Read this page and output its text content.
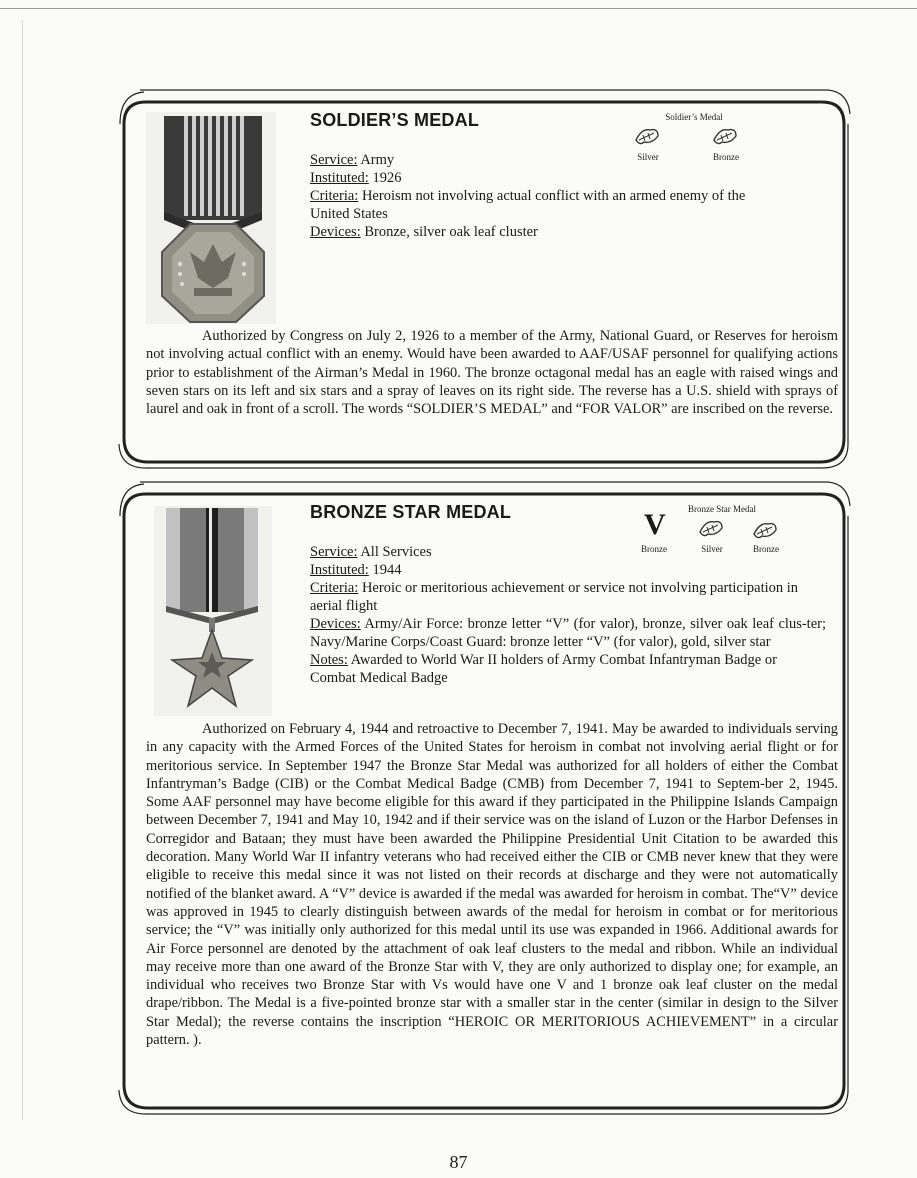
SOLDIER’S MEDAL	Soldier’s Medal
Silver	Bronze
Service: Army
Instituted: 1926
Criteria: Heroism not involving actual conflict with an armed enemy of the United States
Devices: Bronze, silver oak leaf cluster
Authorized by Congress on July 2, 1926 to a member of the Army, National Guard, or Reserves for heroism not involving actual conflict with an enemy. Would have been awarded to AAF/USAF personnel for qualifying actions prior to establishment of the Airman’s Medal in 1960. The bronze octagonal medal has an eagle with raised wings and seven stars on its left and six stars and a spray of leaves on its right side. The reverse has a U.S. shield with sprays of laurel and oak in front of a scroll. The words “SOLDIER’S MEDAL” and “FOR VALOR” are inscribed on the reverse.
BRONZE STAR MEDAL	Bronze Star Medal
V
Bronze	Silver	Bronze
Service: All Services
Instituted: 1944
Criteria: Heroic or meritorious achievement or service not involving participation in aerial flight
Devices: Army/Air Force: bronze letter “V” (for valor), bronze, silver oak leaf clus-ter; Navy/Marine Corps/Coast Guard: bronze letter “V” (for valor), gold, silver star
Notes: Awarded to World War II holders of Army Combat Infantryman Badge or Combat Medical Badge
Authorized on February 4, 1944 and retroactive to December 7, 1941. May be awarded to individuals serving in any capacity with the Armed Forces of the United States for heroism in combat not involving aerial flight or for meritorious service. In September 1947 the Bronze Star Medal was authorized for all holders of either the Combat Infantryman’s Badge (CIB) or the Combat Medical Badge (CMB) from December 7, 1941 to Septem-ber 2, 1945. Some AAF personnel may have become eligible for this award if they participated in the Philippine Islands Campaign between December 7, 1941 and May 10, 1942 and if their service was on the island of Luzon or the Harbor Defenses in Corregidor and Bataan; they must have been awarded the Philippine Presidential Unit Citation to be awarded this decoration. Many World War II infantry veterans who had received either the CIB or CMB never knew that they were eligible to receive this medal since it was not listed on their records at discharge and they were not automatically notified of the blanket award. A “V” device is awarded if the medal was awarded for heroism in combat. The“V” device was approved in 1945 to clearly distinguish between awards of the medal for heroism in combat or for meritorious service; the “V” was initially only authorized for this medal until its use was expanded in 1966. Additional awards for Air Force personnel are denoted by the attachment of oak leaf clusters to the medal and ribbon. While an individual may receive more than one award of the Bronze Star with V, they are only authorized to display one; for example, an individual who receives two Bronze Star with Vs would have one V and 1 bronze oak leaf cluster on the medal drape/ribbon. The Medal is a five-pointed bronze star with a smaller star in the center (similar in design to the Silver Star Medal); the reverse contains the inscription “HEROIC OR MERITORIOUS ACHIEVEMENT” in a circular pattern. ).
87
